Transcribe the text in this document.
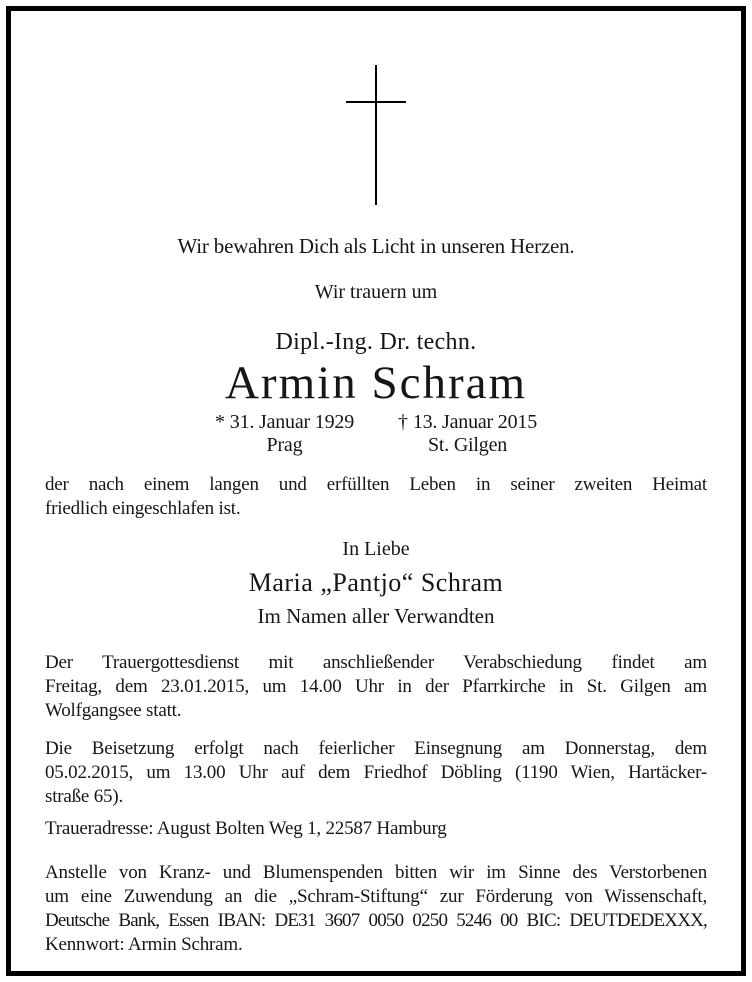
Wir bewahren Dich als Licht in unseren Herzen.
Wir trauern um
Dipl.-Ing. Dr. techn.
Armin Schram
* 31. Januar 1929
Prag
† 13. Januar 2015
St. Gilgen
der nach einem langen und erfüllten Leben in seiner zweiten Heimat
friedlich eingeschlafen ist.
In Liebe
Maria „Pantjo“ Schram
Im Namen aller Verwandten
Der Trauergottesdienst mit anschließender Verabschiedung findet am
Freitag, dem 23.01.2015, um 14.00 Uhr in der Pfarrkirche in St. Gilgen am
Wolfgangsee statt.
Die Beisetzung erfolgt nach feierlicher Einsegnung am Donnerstag, dem
05.02.2015, um 13.00 Uhr auf dem Friedhof Döbling (1190 Wien, Hartäcker-
straße 65).
Traueradresse: August Bolten Weg 1, 22587 Hamburg
Anstelle von Kranz- und Blumenspenden bitten wir im Sinne des Verstorbenen
um eine Zuwendung an die „Schram-Stiftung“ zur Förderung von Wissenschaft,
Deutsche Bank, Essen IBAN: DE31 3607 0050 0250 5246 00 BIC: DEUTDEDEXXX,
Kennwort: Armin Schram.
